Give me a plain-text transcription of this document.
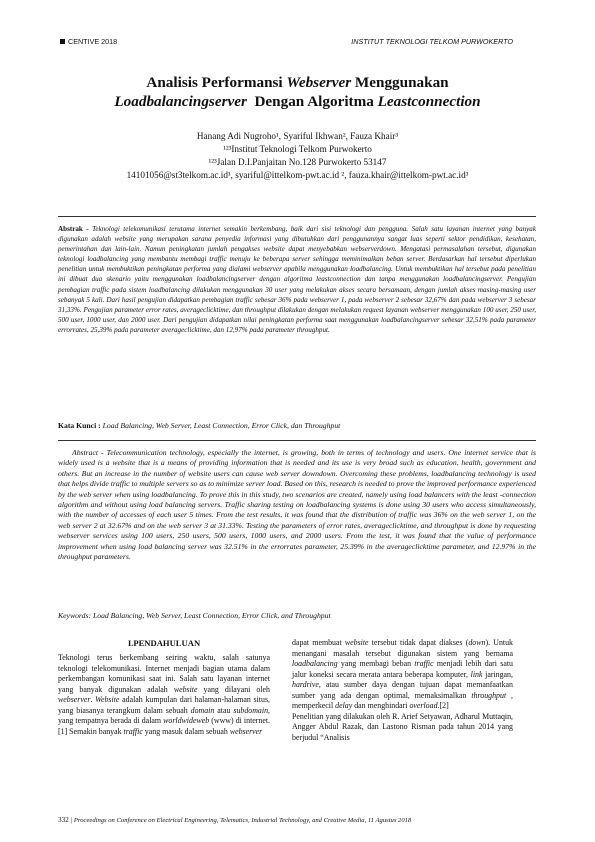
CENTIVE 2018	INSTITUT TEKNOLOGI TELKOM PURWOKERTO
Analisis Performansi Webserver Menggunakan
Loadbalancingserver  Dengan Algoritma Leastconnection
Hanang Adi Nugroho¹, Syariful Ikhwan², Fauza Khair³
¹²³Institut Teknologi Telkom Purwokerto
¹²³Jalan D.I.Panjaitan No.128 Purwokerto 53147
14101056@st3telkom.ac.id¹, syariful@ittelkom-pwt.ac.id ², fauza.khair@ittelkom-pwt.ac.id³
Abstrak - Teknologi telekomunikasi terutama internet semakin berkembang, baik dari sisi teknologi dan pengguna. Salah satu layanan internet yang banyak digunakan adalah website yang merupakan sarana penyedia informasi yang dibutuhkan dari penggunannya sangat luas seperti sektor pendidikan, kesehatan, pemerintahan dan lain-lain. Namun peningkatan jumlah pengakses website dapat menyebabkan webserverdown. Mengatasi permasalahan tersebut, digunakan teknologi loadbalancing yang membantu membagi traffic menuju ke beberapa server sehingga meminimalkan beban server. Berdasarkan hal tersebut diperlukan penelitian untuk membuktikan peningkatan performa yang dialami webserver apabila menggunakan loadbalancing. Untuk membuktikan hal tersebut pada penelitian ini dibuat dua skenario yaitu menggunakan loadbalancingserver dengan algoritma leastconnection dan tanpa menggunakan loadbalancingserver. Pengujian pembagian traffic pada sistem loadbalancing dilakukan menggunakan 30 user yang melakukan akses secara bersamaan, dengan jumlah akses masing-masing user sebanyak 5 kali. Dari hasil pengujian didapatkan pembagian traffic sebesar 36% pada webserver 1, pada webserver 2 sebesar 32,67% dan pada webserver 3 sebesar 31,33%. Pengujian parameter error rates, averageclicktime, dan throughput dilakukan dengan melakukan request layanan webserver menggunakan 100 user, 250 user, 500 user, 1000 user, dan 2000 user. Dari pengujian didapatkan nilai peningkatan performa saat menggunakan loadbalancingserver sebesar 32,51% pada parameter errorrates, 25,39% pada parameter averageclicktime, dan 12,97% pada parameter throughput.
Kata Kunci : Load Balancing, Web Server, Least Connection, Error Click, dan Throughput
Abstract - Telecommunication technology, especially the internet, is growing, both in terms of technology and users. One internet service that is widely used is a website that is a means of providing information that is needed and its use is very broad such as education, health, government and others. But an increase in the number of website users can cause web server downdown. Overcoming these problems, loadbalancing technology is used that helps divide traffic to multiple servers so as to minimize server load. Based on this, research is needed to prove the improved performance experienced by the web server when using loadbalancing. To prove this in this study, two scenarios are created, namely using load balancers with the least -connection algorithm and without using load balancing servers. Traffic sharing testing on loadbalancing systems is done using 30 users who access simultaneously, with the number of accesses of each user 5 times. From the test results, it was found that the distribution of traffic was 36% on the web server 1, on the web server 2 at 32.67% and on the web server 3 at 31.33%. Testing the parameters of error rates, averageclicktime, and throughput is done by requesting webserver services using 100 users, 250 users, 500 users, 1000 users, and 2000 users. From the test, it was found that the value of performance improvement when using load balancing server was 32.51% in the errorrates parameter, 25.39% in the averageclicktime parameter, and 12.97% in the throughput parameters.
Keywords: Load Balancing, Web Server, Least Connection, Error Click, and Throughput
I.PENDAHULUAN

Teknologi terus berkembang seiring waktu, salah satunya teknologi telekomunikasi. Internet menjadi bagian utama dalam perkembangan komunikasi saat ini. Salah satu layanan internet yang banyak digunakan adalah website yang dilayani oleh webserver. Website adalah kumpulan dari halaman-halaman situs, yang biasanya terangkum dalam sebuah domain atau subdomain, yang tempatnya berada di dalam worldwideweb (www) di internet. [1] Semakin banyak traffic yang masuk dalam sebuah webserver

dapat membuat website tersebut tidak dapat diakses (down). Untuk menangani masalah tersebut digunakan sistem yang bernama loadbalancing yang membagi beban traffic menjadi lebih dari satu jalur koneksi secara merata antara beberapa komputer, link jaringan, hardrive, atau sumber daya dengan tujuan dapat memanfaatkan sumber yang ada dengan optimal, memaksimalkan throughput , memperkecil delay dan menghindari overload.[2]

Penelitian yang dilakukan oleh R. Arief Setyawan, Adharul Muttaqin, Angger Abdul Razak, dan Lastono Risman pada tahun 2014 yang berjudul “Analisis

332 | Proceedings on Conference on Electrical Engineering, Telematics, Industrial Technology, and Creative Media, 11 Agustus 2018
